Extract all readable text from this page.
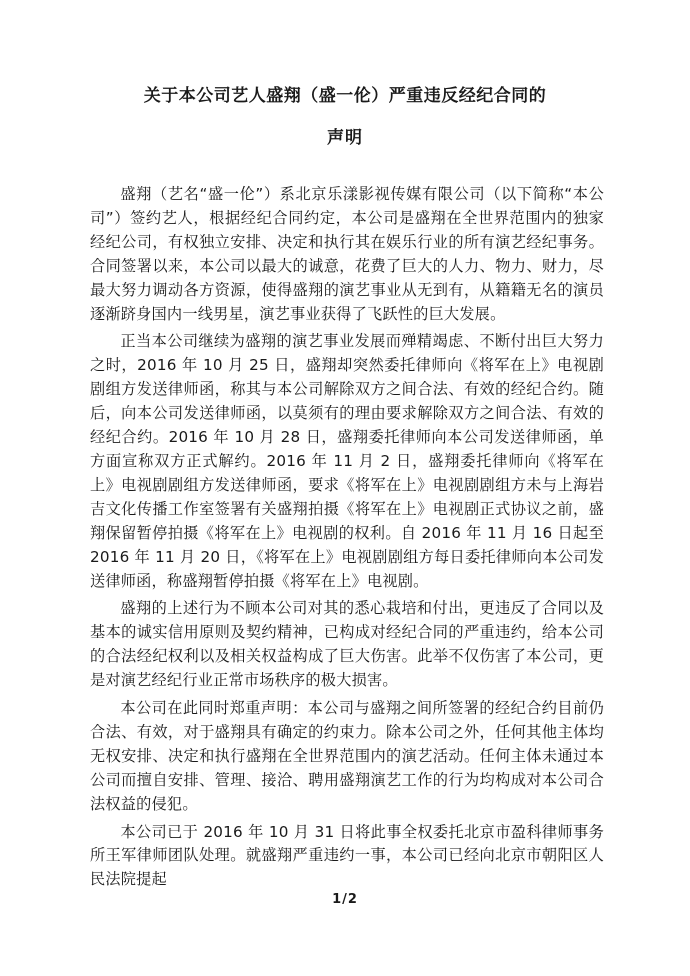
关于本公司艺人盛翔（盛一伦）严重违反经纪合同的
声明

盛翔（艺名“盛一伦”）系北京乐漾影视传媒有限公司（以下简称“本公司”）签约艺人，根据经纪合同约定，本公司是盛翔在全世界范围内的独家经纪公司，有权独立安排、决定和执行其在娱乐行业的所有演艺经纪事务。合同签署以来，本公司以最大的诚意，花费了巨大的人力、物力、财力，尽最大努力调动各方资源，使得盛翔的演艺事业从无到有，从籍籍无名的演员逐渐跻身国内一线男星，演艺事业获得了飞跃性的巨大发展。

正当本公司继续为盛翔的演艺事业发展而殚精竭虑、不断付出巨大努力之时，2016 年 10 月 25 日，盛翔却突然委托律师向《将军在上》电视剧剧组方发送律师函，称其与本公司解除双方之间合法、有效的经纪合约。随后，向本公司发送律师函，以莫须有的理由要求解除双方之间合法、有效的经纪合约。2016 年 10 月 28 日，盛翔委托律师向本公司发送律师函，单方面宣称双方正式解约。2016 年 11 月 2 日，盛翔委托律师向《将军在上》电视剧剧组方发送律师函，要求《将军在上》电视剧剧组方未与上海岩吉文化传播工作室签署有关盛翔拍摄《将军在上》电视剧正式协议之前，盛翔保留暂停拍摄《将军在上》电视剧的权利。自 2016 年 11 月 16 日起至 2016 年 11 月 20 日，《将军在上》电视剧剧组方每日委托律师向本公司发送律师函，称盛翔暂停拍摄《将军在上》电视剧。

盛翔的上述行为不顾本公司对其的悉心栽培和付出，更违反了合同以及基本的诚实信用原则及契约精神，已构成对经纪合同的严重违约，给本公司的合法经纪权利以及相关权益构成了巨大伤害。此举不仅伤害了本公司，更是对演艺经纪行业正常市场秩序的极大损害。

本公司在此同时郑重声明：本公司与盛翔之间所签署的经纪合约目前仍合法、有效，对于盛翔具有确定的约束力。除本公司之外，任何其他主体均无权安排、决定和执行盛翔在全世界范围内的演艺活动。任何主体未通过本公司而擅自安排、管理、接洽、聘用盛翔演艺工作的行为均构成对本公司合法权益的侵犯。

本公司已于 2016 年 10 月 31 日将此事全权委托北京市盈科律师事务所王军律师团队处理。就盛翔严重违约一事，本公司已经向北京市朝阳区人民法院提起

1/2
